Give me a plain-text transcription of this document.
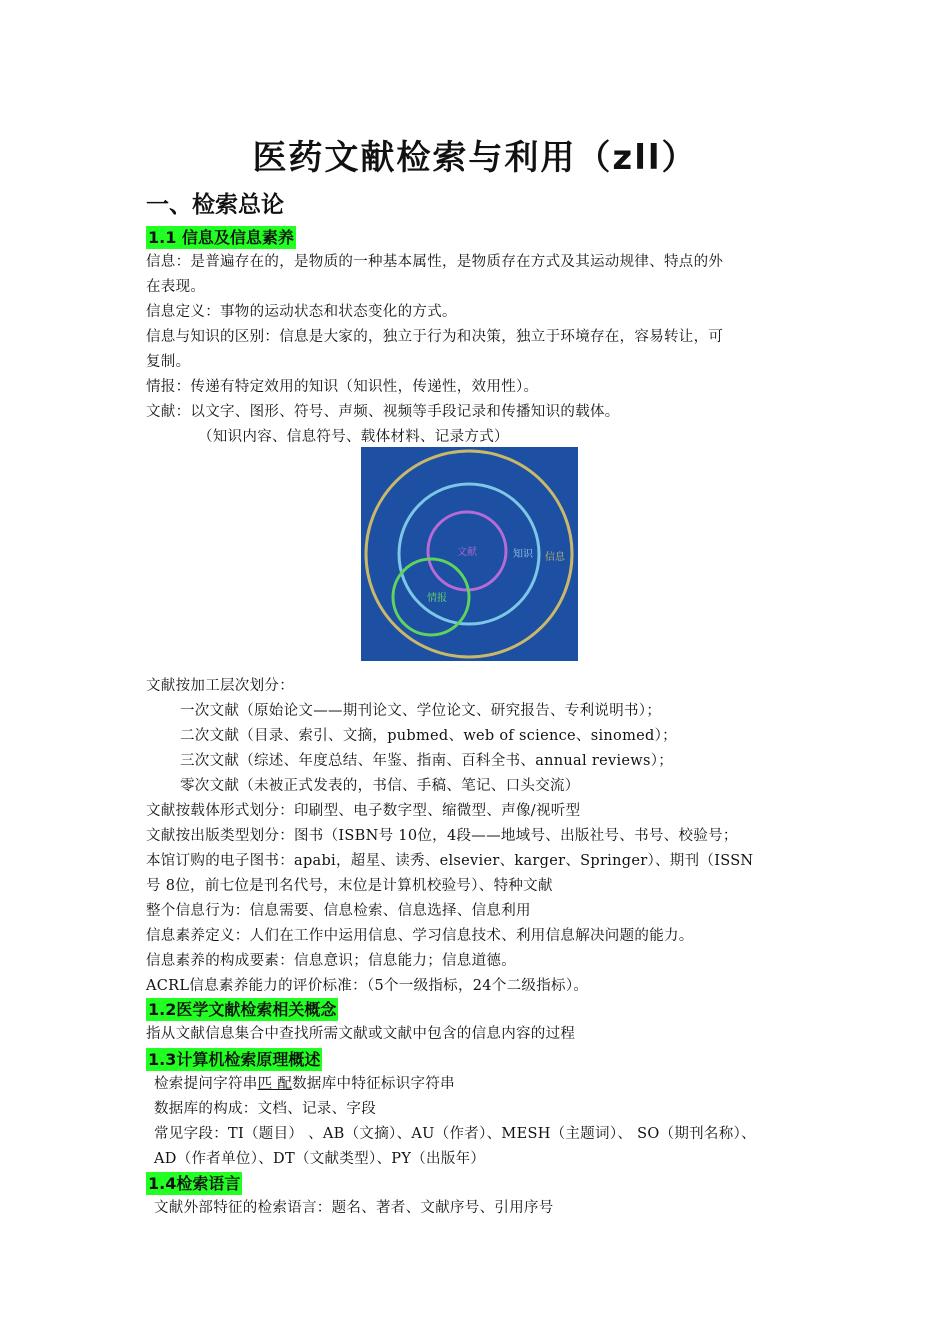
医药文献检索与利用（zll）
一、检索总论
1.1 信息及信息素养
信息：是普遍存在的，是物质的一种基本属性，是物质存在方式及其运动规律、特点的外
在表现。
信息定义：事物的运动状态和状态变化的方式。
信息与知识的区别：信息是大家的，独立于行为和决策，独立于环境存在，容易转让，可
复制。
情报：传递有特定效用的知识（知识性，传递性，效用性）。
文献：以文字、图形、符号、声频、视频等手段记录和传播知识的载体。
（知识内容、信息符号、载体材料、记录方式）
文献	知识 信息
情报
文献按加工层次划分：
一次文献（原始论文——期刊论文、学位论文、研究报告、专利说明书）；
二次文献（目录、索引、文摘，pubmed、web of science、sinomed）；
三次文献（综述、年度总结、年鉴、指南、百科全书、annual reviews）；
零次文献（未被正式发表的，书信、手稿、笔记、口头交流）
文献按载体形式划分：印刷型、电子数字型、缩微型、声像/视听型
文献按出版类型划分：图书（ISBN号 10位，4段——地域号、出版社号、书号、校验号；
本馆订购的电子图书：apabi，超星、读秀、elsevier、karger、Springer）、期刊（ISSN
号 8位，前七位是刊名代号，末位是计算机校验号）、特种文献
整个信息行为：信息需要、信息检索、信息选择、信息利用
信息素养定义：人们在工作中运用信息、学习信息技术、利用信息解决问题的能力。
信息素养的构成要素：信息意识；信息能力；信息道德。
ACRL信息素养能力的评价标准：（5个一级指标，24个二级指标）。
1.2医学文献检索相关概念
指从文献信息集合中查找所需文献或文献中包含的信息内容的过程
1.3计算机检索原理概述
检索提问字符串匹 配数据库中特征标识字符串
数据库的构成：文档、记录、字段
常见字段：TI（题目） 、AB（文摘）、AU（作者）、MESH（主题词）、 SO（期刊名称）、
AD（作者单位）、DT（文献类型）、PY（出版年）
1.4检索语言
文献外部特征的检索语言：题名、著者、文献序号、引用序号
